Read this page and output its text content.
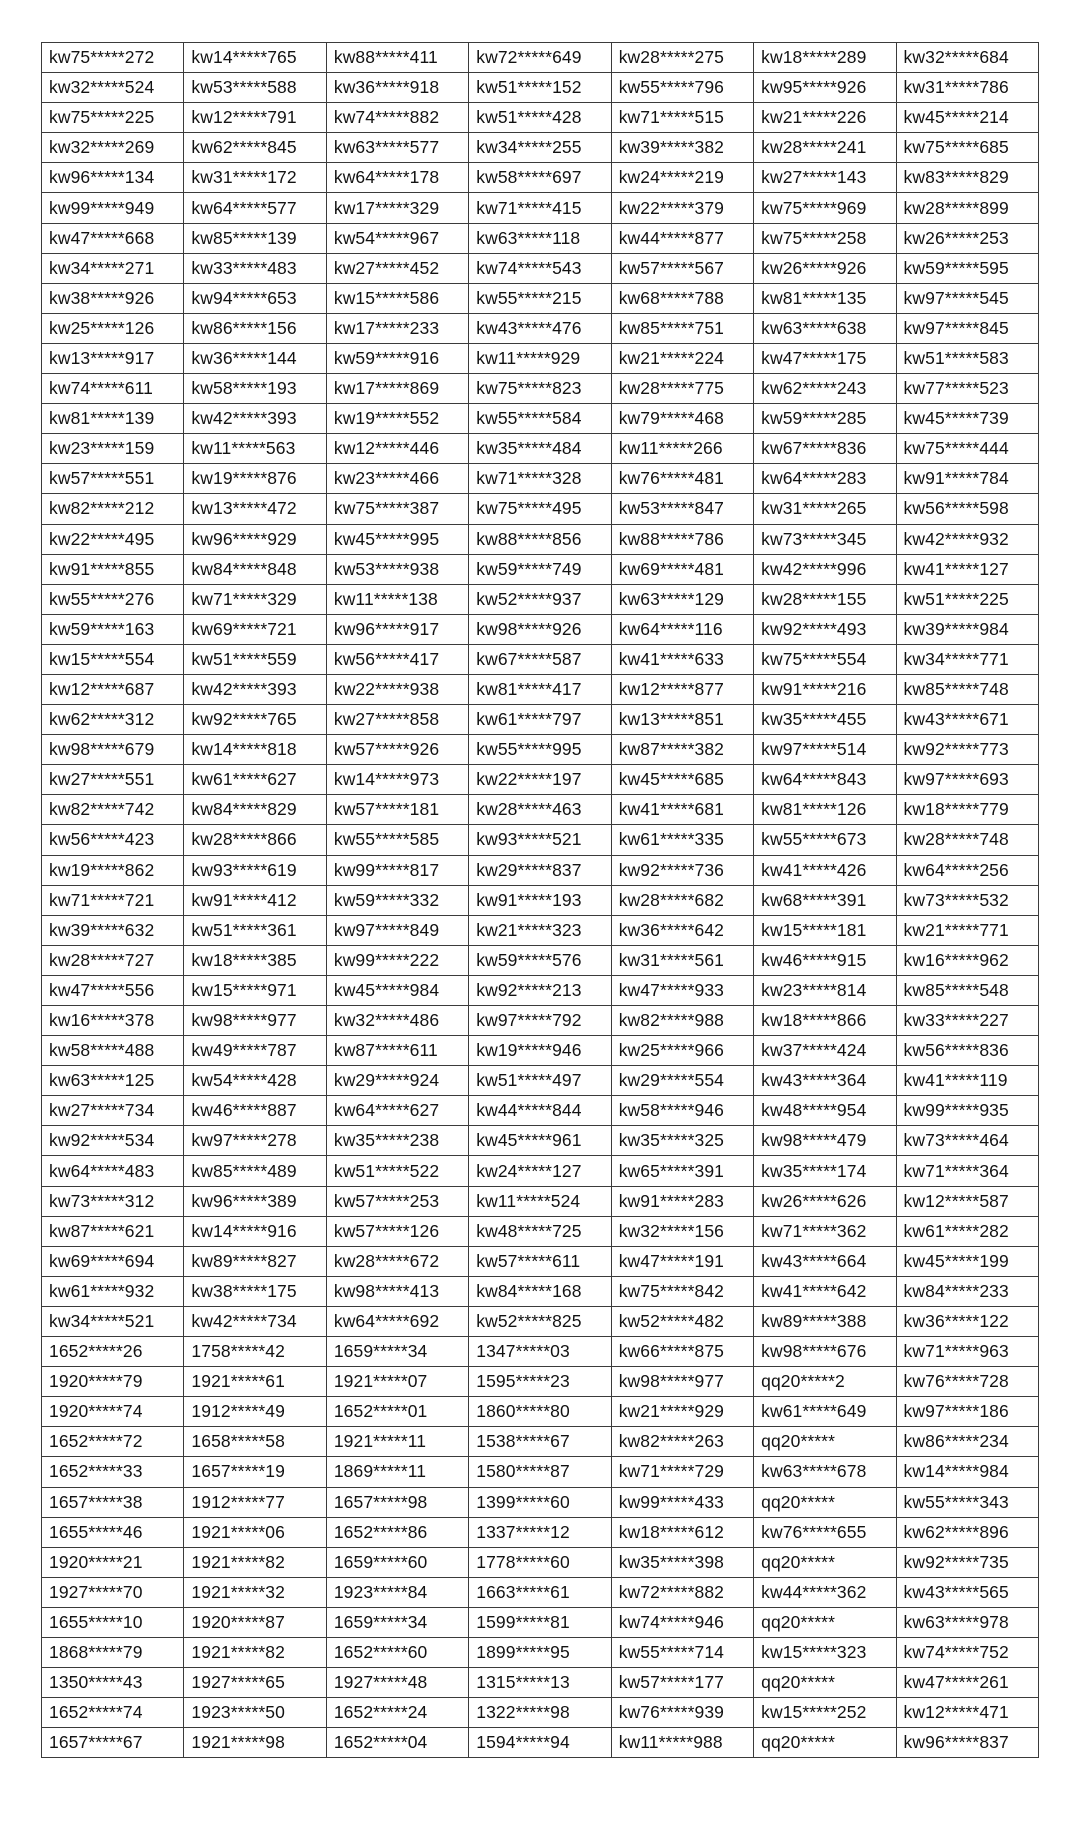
kw75*****272	kw14*****765	kw88*****411	kw72*****649	kw28*****275	kw18*****289	kw32*****684
kw32*****524	kw53*****588	kw36*****918	kw51*****152	kw55*****796	kw95*****926	kw31*****786
kw75*****225	kw12*****791	kw74*****882	kw51*****428	kw71*****515	kw21*****226	kw45*****214
kw32*****269	kw62*****845	kw63*****577	kw34*****255	kw39*****382	kw28*****241	kw75*****685
kw96*****134	kw31*****172	kw64*****178	kw58*****697	kw24*****219	kw27*****143	kw83*****829
kw99*****949	kw64*****577	kw17*****329	kw71*****415	kw22*****379	kw75*****969	kw28*****899
kw47*****668	kw85*****139	kw54*****967	kw63*****118	kw44*****877	kw75*****258	kw26*****253
kw34*****271	kw33*****483	kw27*****452	kw74*****543	kw57*****567	kw26*****926	kw59*****595
kw38*****926	kw94*****653	kw15*****586	kw55*****215	kw68*****788	kw81*****135	kw97*****545
kw25*****126	kw86*****156	kw17*****233	kw43*****476	kw85*****751	kw63*****638	kw97*****845
kw13*****917	kw36*****144	kw59*****916	kw11*****929	kw21*****224	kw47*****175	kw51*****583
kw74*****611	kw58*****193	kw17*****869	kw75*****823	kw28*****775	kw62*****243	kw77*****523
kw81*****139	kw42*****393	kw19*****552	kw55*****584	kw79*****468	kw59*****285	kw45*****739
kw23*****159	kw11*****563	kw12*****446	kw35*****484	kw11*****266	kw67*****836	kw75*****444
kw57*****551	kw19*****876	kw23*****466	kw71*****328	kw76*****481	kw64*****283	kw91*****784
kw82*****212	kw13*****472	kw75*****387	kw75*****495	kw53*****847	kw31*****265	kw56*****598
kw22*****495	kw96*****929	kw45*****995	kw88*****856	kw88*****786	kw73*****345	kw42*****932
kw91*****855	kw84*****848	kw53*****938	kw59*****749	kw69*****481	kw42*****996	kw41*****127
kw55*****276	kw71*****329	kw11*****138	kw52*****937	kw63*****129	kw28*****155	kw51*****225
kw59*****163	kw69*****721	kw96*****917	kw98*****926	kw64*****116	kw92*****493	kw39*****984
kw15*****554	kw51*****559	kw56*****417	kw67*****587	kw41*****633	kw75*****554	kw34*****771
kw12*****687	kw42*****393	kw22*****938	kw81*****417	kw12*****877	kw91*****216	kw85*****748
kw62*****312	kw92*****765	kw27*****858	kw61*****797	kw13*****851	kw35*****455	kw43*****671
kw98*****679	kw14*****818	kw57*****926	kw55*****995	kw87*****382	kw97*****514	kw92*****773
kw27*****551	kw61*****627	kw14*****973	kw22*****197	kw45*****685	kw64*****843	kw97*****693
kw82*****742	kw84*****829	kw57*****181	kw28*****463	kw41*****681	kw81*****126	kw18*****779
kw56*****423	kw28*****866	kw55*****585	kw93*****521	kw61*****335	kw55*****673	kw28*****748
kw19*****862	kw93*****619	kw99*****817	kw29*****837	kw92*****736	kw41*****426	kw64*****256
kw71*****721	kw91*****412	kw59*****332	kw91*****193	kw28*****682	kw68*****391	kw73*****532
kw39*****632	kw51*****361	kw97*****849	kw21*****323	kw36*****642	kw15*****181	kw21*****771
kw28*****727	kw18*****385	kw99*****222	kw59*****576	kw31*****561	kw46*****915	kw16*****962
kw47*****556	kw15*****971	kw45*****984	kw92*****213	kw47*****933	kw23*****814	kw85*****548
kw16*****378	kw98*****977	kw32*****486	kw97*****792	kw82*****988	kw18*****866	kw33*****227
kw58*****488	kw49*****787	kw87*****611	kw19*****946	kw25*****966	kw37*****424	kw56*****836
kw63*****125	kw54*****428	kw29*****924	kw51*****497	kw29*****554	kw43*****364	kw41*****119
kw27*****734	kw46*****887	kw64*****627	kw44*****844	kw58*****946	kw48*****954	kw99*****935
kw92*****534	kw97*****278	kw35*****238	kw45*****961	kw35*****325	kw98*****479	kw73*****464
kw64*****483	kw85*****489	kw51*****522	kw24*****127	kw65*****391	kw35*****174	kw71*****364
kw73*****312	kw96*****389	kw57*****253	kw11*****524	kw91*****283	kw26*****626	kw12*****587
kw87*****621	kw14*****916	kw57*****126	kw48*****725	kw32*****156	kw71*****362	kw61*****282
kw69*****694	kw89*****827	kw28*****672	kw57*****611	kw47*****191	kw43*****664	kw45*****199
kw61*****932	kw38*****175	kw98*****413	kw84*****168	kw75*****842	kw41*****642	kw84*****233
kw34*****521	kw42*****734	kw64*****692	kw52*****825	kw52*****482	kw89*****388	kw36*****122
1652*****26	1758*****42	1659*****34	1347*****03	kw66*****875	kw98*****676	kw71*****963
1920*****79	1921*****61	1921*****07	1595*****23	kw98*****977	qq20*****2	kw76*****728
1920*****74	1912*****49	1652*****01	1860*****80	kw21*****929	kw61*****649	kw97*****186
1652*****72	1658*****58	1921*****11	1538*****67	kw82*****263	qq20*****	kw86*****234
1652*****33	1657*****19	1869*****11	1580*****87	kw71*****729	kw63*****678	kw14*****984
1657*****38	1912*****77	1657*****98	1399*****60	kw99*****433	qq20*****	kw55*****343
1655*****46	1921*****06	1652*****86	1337*****12	kw18*****612	kw76*****655	kw62*****896
1920*****21	1921*****82	1659*****60	1778*****60	kw35*****398	qq20*****	kw92*****735
1927*****70	1921*****32	1923*****84	1663*****61	kw72*****882	kw44*****362	kw43*****565
1655*****10	1920*****87	1659*****34	1599*****81	kw74*****946	qq20*****	kw63*****978
1868*****79	1921*****82	1652*****60	1899*****95	kw55*****714	kw15*****323	kw74*****752
1350*****43	1927*****65	1927*****48	1315*****13	kw57*****177	qq20*****	kw47*****261
1652*****74	1923*****50	1652*****24	1322*****98	kw76*****939	kw15*****252	kw12*****471
1657*****67	1921*****98	1652*****04	1594*****94	kw11*****988	qq20*****	kw96*****837
